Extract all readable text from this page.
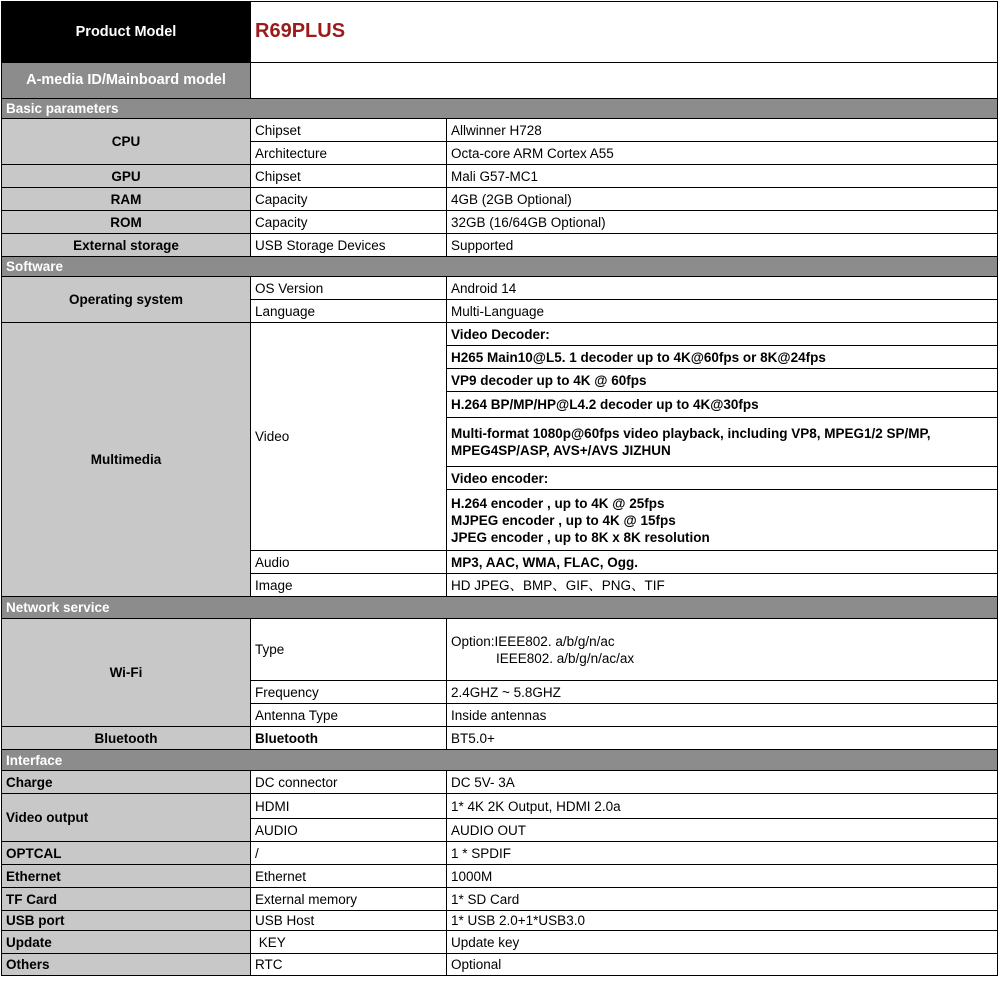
Product Model	R69PLUS	
A-media ID/Mainboard model		
Basic parameters		
CPU	Chipset	Allwinner H728
	Architecture	Octa-core ARM Cortex A55
GPU	Chipset	Mali G57-MC1
RAM	Capacity	4GB (2GB Optional)
ROM	Capacity	32GB (16/64GB Optional)
External storage	USB Storage Devices	Supported
Software		
Operating system	OS Version	Android 14
	Language	Multi-Language
Multimedia	Video	Video Decoder:
		H265 Main10@L5. 1 decoder up to 4K@60fps or 8K@24fps
		VP9 decoder up to 4K @ 60fps
		H.264 BP/MP/HP@L4.2 decoder up to 4K@30fps

		Multi-format 1080p@60fps video playback, including VP8, MPEG1/2 SP/MP,
MPEG4SP/ASP, AVS+/AVS JIZHUN

		Video encoder:

		H.264 encoder , up to 4K @ 25fps
MJPEG encoder , up to 4K @ 15fps
JPEG encoder , up to 8K x 8K resolution

	Audio	MP3, AAC, WMA, FLAC, Ogg.
	Image	HD JPEG、BMP、GIF、PNG、TIF
Network service		
Wi-Fi	Type	Option:IEEE802. a/b/g/n/ac
IEEE802. a/b/g/n/ac/ax

	Frequency	2.4GHZ ~ 5.8GHZ
	Antenna Type	Inside antennas
Bluetooth	Bluetooth	BT5.0+
Interface		
Charge	DC connector	DC 5V- 3A
Video output	HDMI	1* 4K 2K Output, HDMI 2.0a
	AUDIO	AUDIO OUT
OPTCAL	/	1 * SPDIF
Ethernet	Ethernet	1000M
TF Card	External memory	1* SD Card
USB port	USB Host	1* USB 2.0+1*USB3.0
Update	KEY	Update key
Others	RTC	Optional
